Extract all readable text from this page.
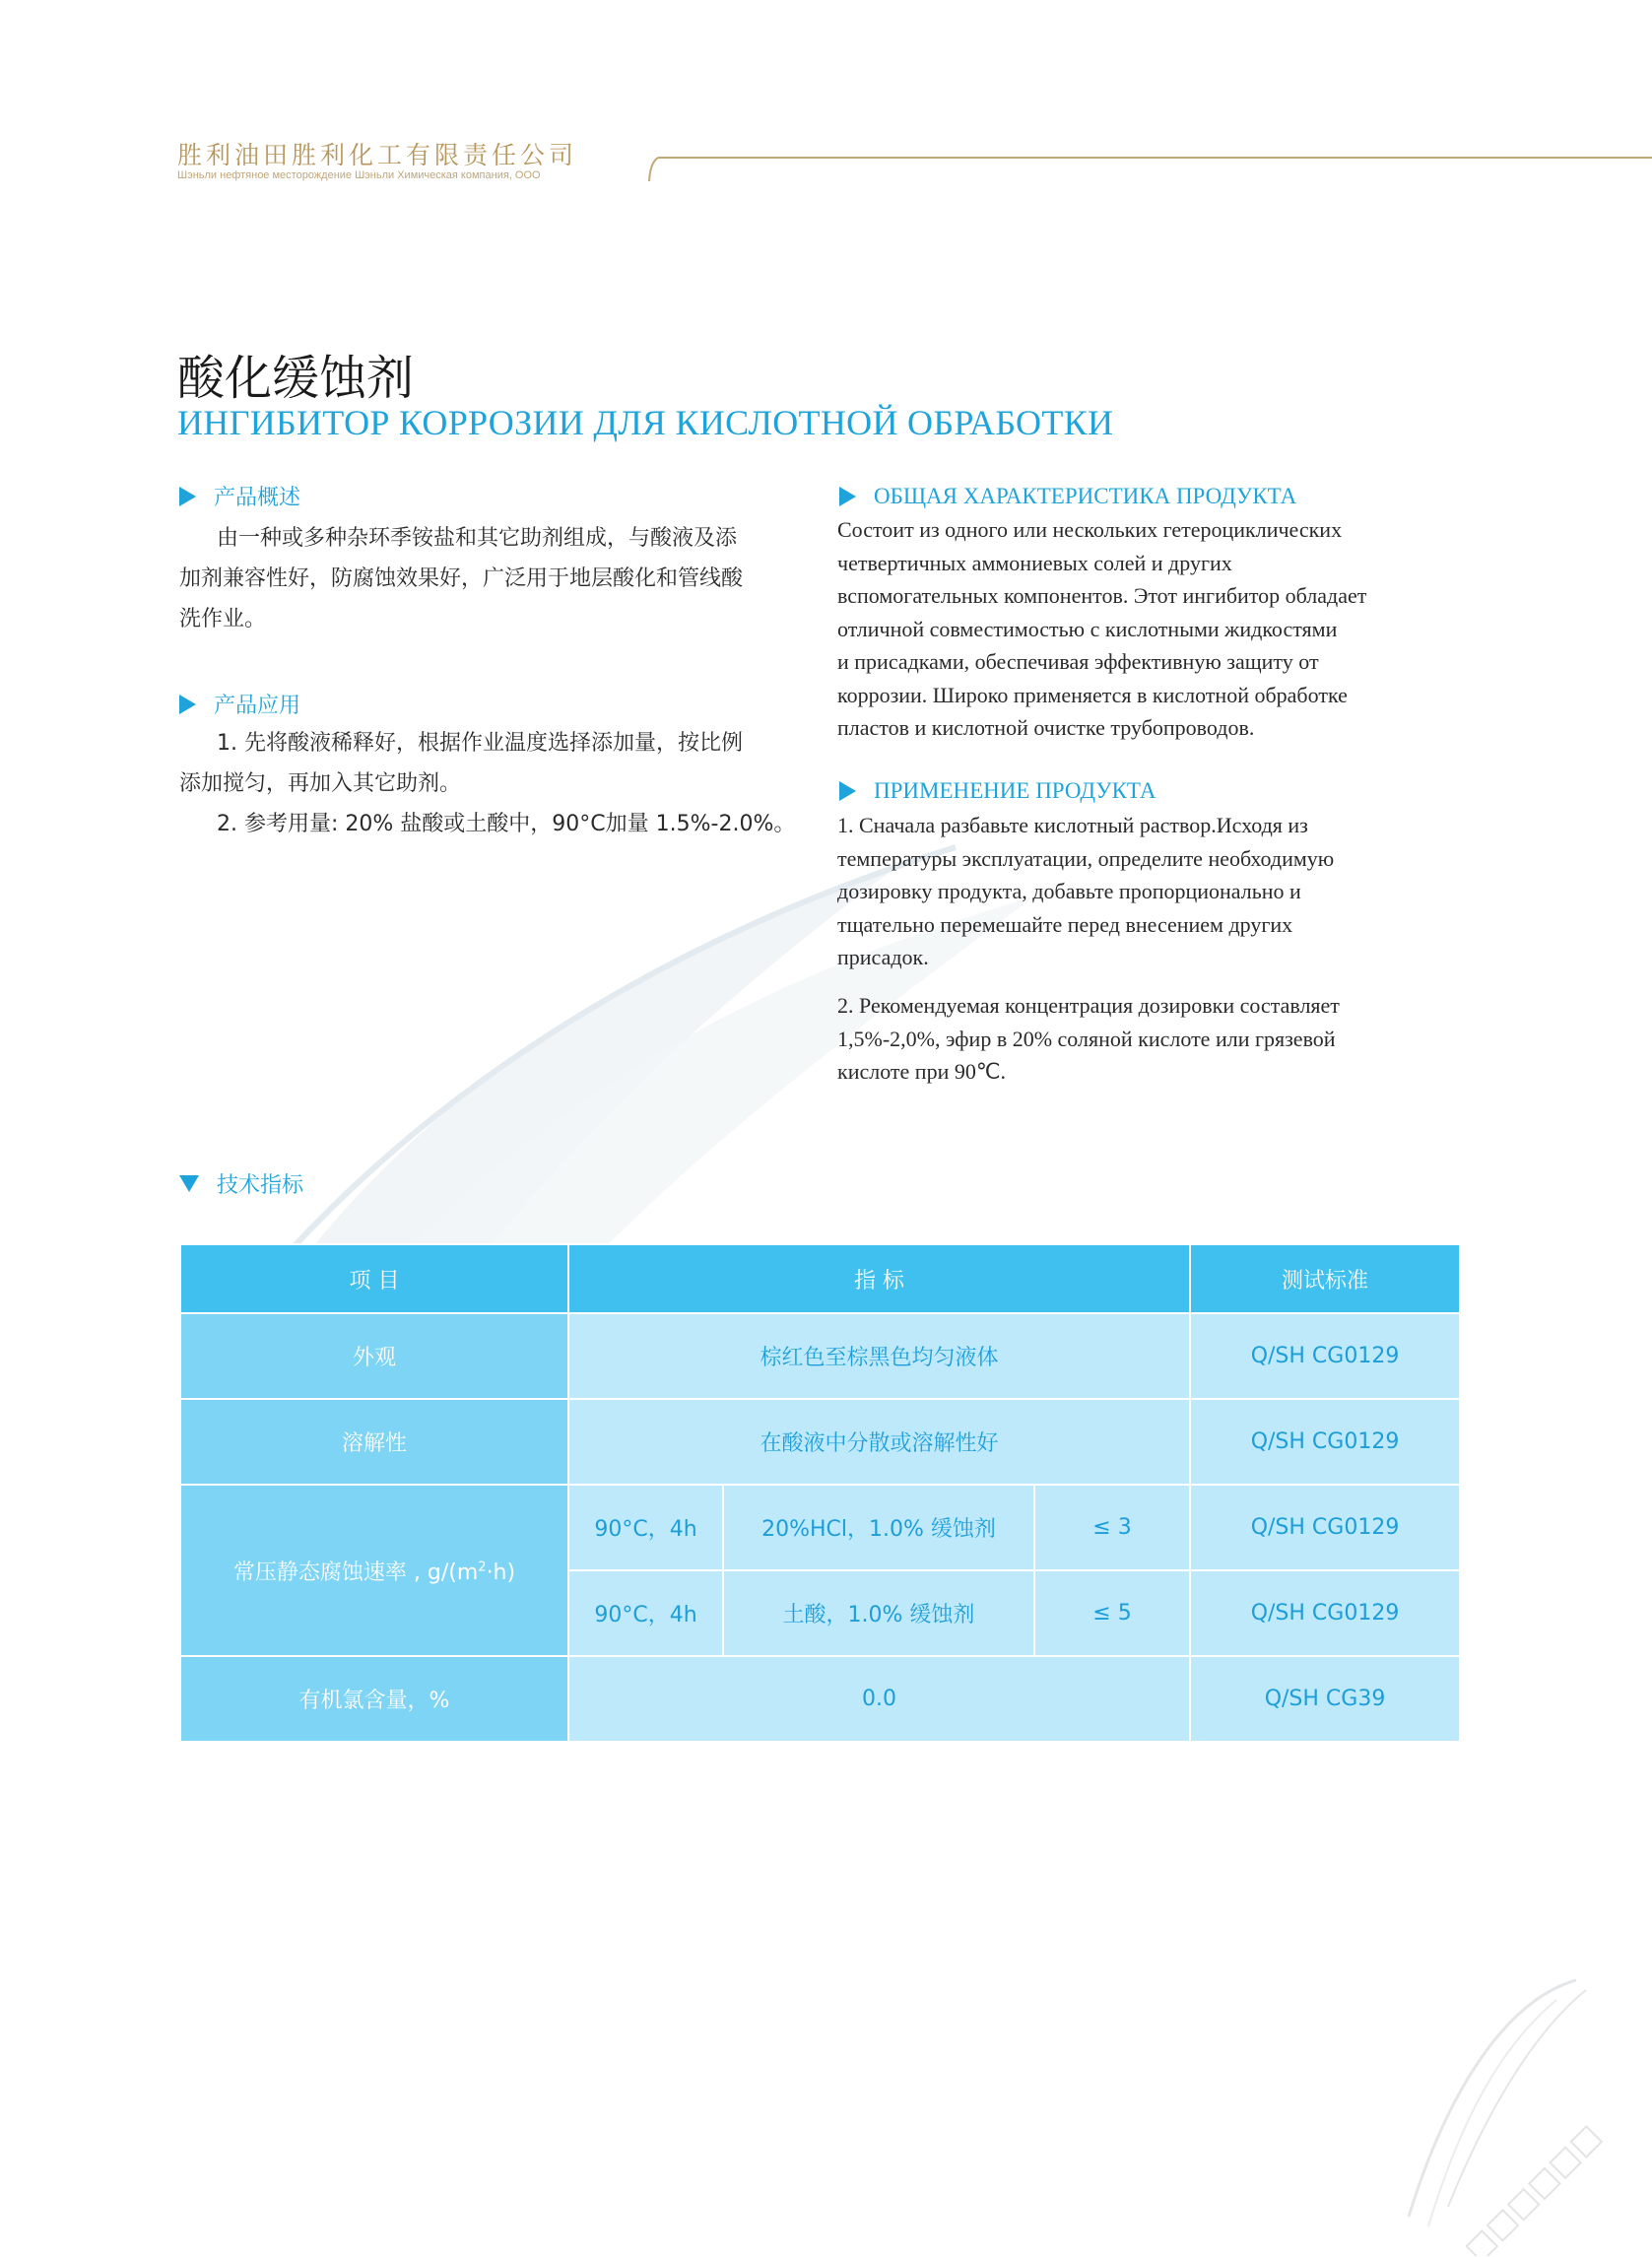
胜利油田胜利化工有限责任公司
Шэньли нефтяное месторождение Шэньли Химическая компания, ООО
酸化缓蚀剂
ИНГИБИТОР КОРРОЗИИ ДЛЯ КИСЛОТНОЙ ОБРАБОТКИ
产品概述
由一种或多种杂环季铵盐和其它助剂组成，与酸液及添
加剂兼容性好，防腐蚀效果好，广泛用于地层酸化和管线酸
洗作业。
产品应用
1. 先将酸液稀释好，根据作业温度选择添加量，按比例
添加搅匀，再加入其它助剂。
2. 参考用量: 20% 盐酸或土酸中，90°C加量 1.5%-2.0%。
ОБЩАЯ ХАРАКТЕРИСТИКА ПРОДУКТА
Состоит из одного или нескольких гетероциклических
четвертичных аммониевых солей и других
вспомогательных компонентов. Этот ингибитор обладает
отличной совместимостью с кислотными жидкостями
и присадками, обеспечивая эффективную защиту от
коррозии. Широко применяется в кислотной обработке
пластов и кислотной очистке трубопроводов.
ПРИМЕНЕНИЕ ПРОДУКТА
1. Сначала разбавьте кислотный раствор.Исходя из
температуры эксплуатации, определите необходимую
дозировку продукта, добавьте пропорционально и
тщательно перемешайте перед внесением других
присадок.
2. Рекомендуемая концентрация дозировки составляет
1,5%-2,0%, эфир в 20% соляной кислоте или грязевой
кислоте при 90℃.
技术指标
项 目	指 标			测试标准
外观	棕红色至棕黑色均匀液体			Q/SH CG0129
溶解性	在酸液中分散或溶解性好			Q/SH CG0129
常压静态腐蚀速率 , $g/(m^2\cdot h)$	90°C，4h	20%HCl，1.0% 缓蚀剂	≤ 3	Q/SH CG0129
	90°C，4h	土酸，1.0% 缓蚀剂	≤ 5	Q/SH CG0129
有机氯含量，%	0.0			Q/SH CG39
